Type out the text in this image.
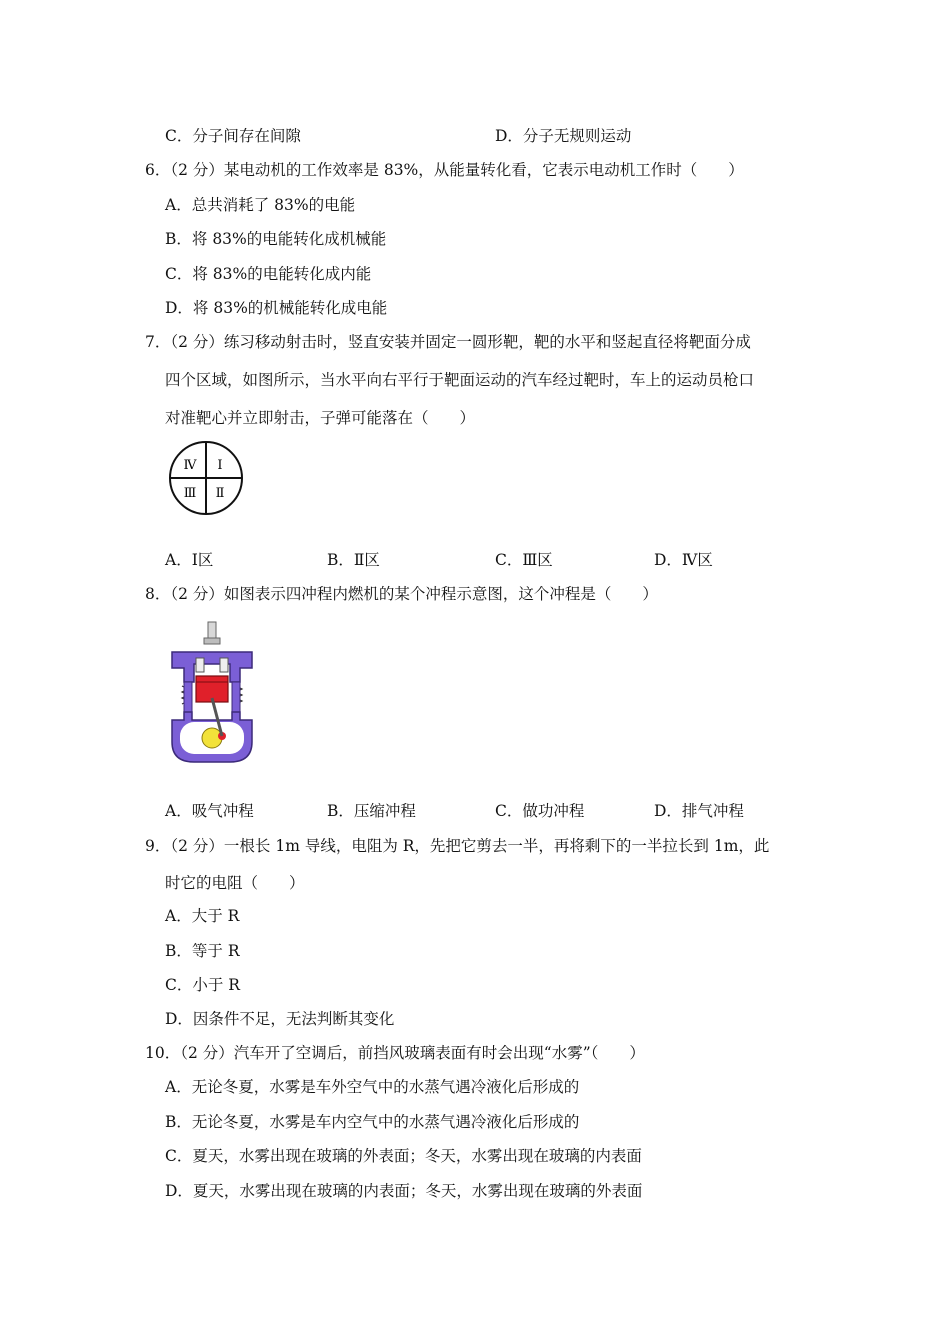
C．分子间存在间隙	D．分子无规则运动
6．（2 分）某电动机的工作效率是 83%，从能量转化看，它表示电动机工作时（　　）
A．总共消耗了 83%的电能
B．将 83%的电能转化成机械能
C．将 83%的电能转化成内能
D．将 83%的机械能转化成电能
7．（2 分）练习移动射击时，竖直安装并固定一圆形靶，靶的水平和竖起直径将靶面分成
四个区域，如图所示，当水平向右平行于靶面运动的汽车经过靶时，车上的运动员枪口
对准靶心并立即射击，子弹可能落在（　　）
Ⅳ Ⅰ
Ⅲ Ⅱ
A．Ⅰ区	B．Ⅱ区	C．Ⅲ区	D．Ⅳ区
8．（2 分）如图表示四冲程内燃机的某个冲程示意图，这个冲程是（　　）
A．吸气冲程	B．压缩冲程	C．做功冲程	D．排气冲程
9．（2 分）一根长 1m 导线，电阻为 R，先把它剪去一半，再将剩下的一半拉长到 1m，此
时它的电阻（　　）
A．大于 R
B．等于 R
C．小于 R
D．因条件不足，无法判断其变化
10．（2 分）汽车开了空调后，前挡风玻璃表面有时会出现“水雾”（　　）
A．无论冬夏，水雾是车外空气中的水蒸气遇冷液化后形成的
B．无论冬夏，水雾是车内空气中的水蒸气遇冷液化后形成的
C．夏天，水雾出现在玻璃的外表面；冬天，水雾出现在玻璃的内表面
D．夏天，水雾出现在玻璃的内表面；冬天，水雾出现在玻璃的外表面
